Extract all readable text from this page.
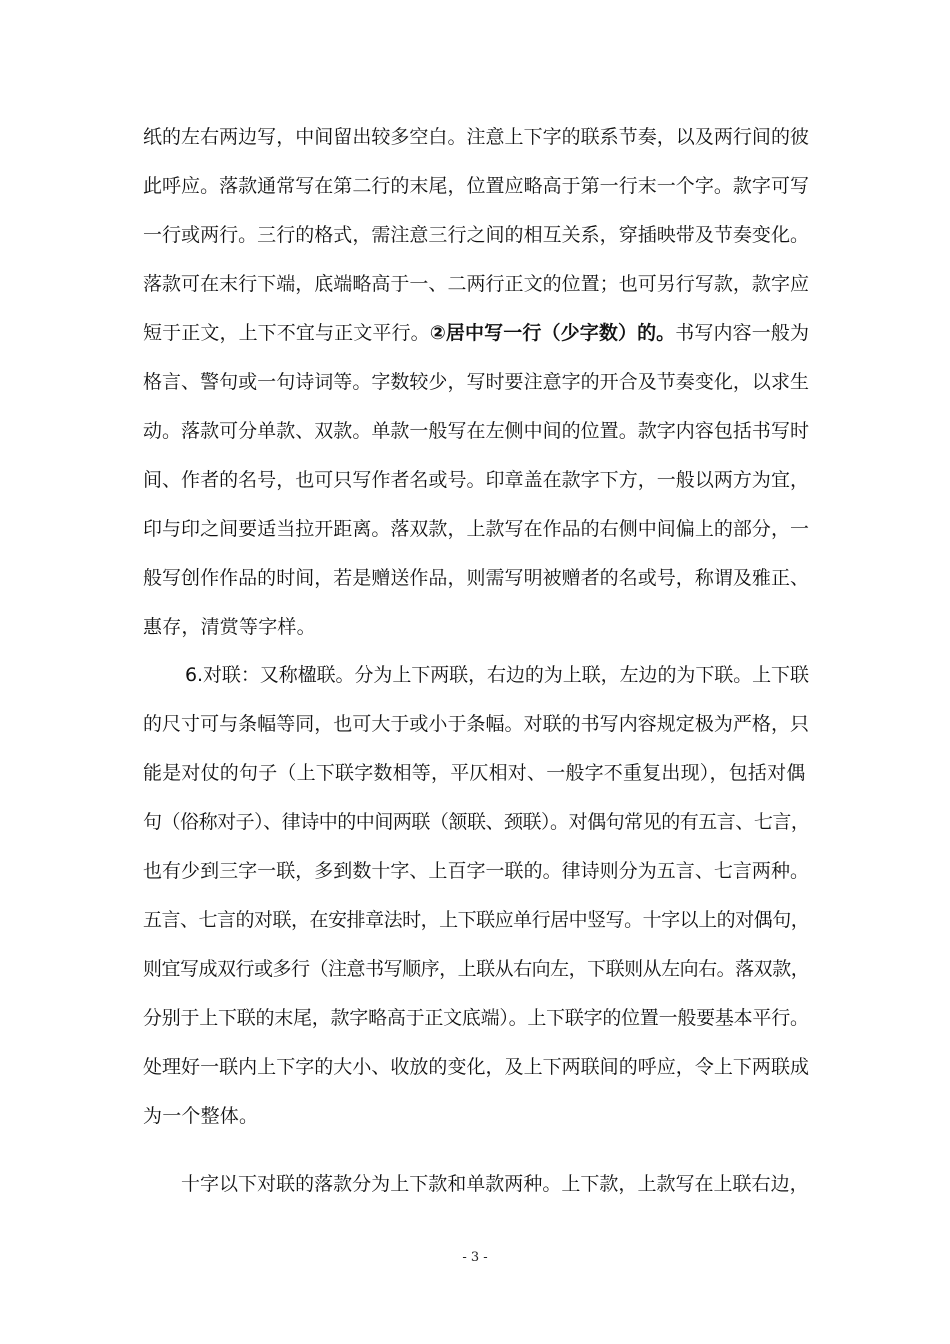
纸的左右两边写，中间留出较多空白。注意上下字的联系节奏，以及两行间的彼
此呼应。落款通常写在第二行的末尾，位置应略高于第一行末一个字。款字可写
一行或两行。三行的格式，需注意三行之间的相互关系，穿插映带及节奏变化。
落款可在末行下端，底端略高于一、二两行正文的位置；也可另行写款，款字应
短于正文，上下不宜与正文平行。②居中写一行（少字数）的。书写内容一般为
格言、警句或一句诗词等。字数较少，写时要注意字的开合及节奏变化，以求生
动。落款可分单款、双款。单款一般写在左侧中间的位置。款字内容包括书写时
间、作者的名号，也可只写作者名或号。印章盖在款字下方，一般以两方为宜，
印与印之间要适当拉开距离。落双款，上款写在作品的右侧中间偏上的部分，一
般写创作作品的时间，若是赠送作品，则需写明被赠者的名或号，称谓及雅正、
惠存，清赏等字样。
6.对联：又称楹联。分为上下两联，右边的为上联，左边的为下联。上下联
的尺寸可与条幅等同，也可大于或小于条幅。对联的书写内容规定极为严格，只
能是对仗的句子（上下联字数相等，平仄相对、一般字不重复出现），包括对偶
句（俗称对子）、律诗中的中间两联（颔联、颈联）。对偶句常见的有五言、七言，
也有少到三字一联，多到数十字、上百字一联的。律诗则分为五言、七言两种。
五言、七言的对联，在安排章法时，上下联应单行居中竖写。十字以上的对偶句，
则宜写成双行或多行（注意书写顺序，上联从右向左，下联则从左向右。落双款，
分别于上下联的末尾，款字略高于正文底端）。上下联字的位置一般要基本平行。
处理好一联内上下字的大小、收放的变化，及上下两联间的呼应，令上下两联成
为一个整体。
十字以下对联的落款分为上下款和单款两种。上下款，上款写在上联右边，
- 3 -
